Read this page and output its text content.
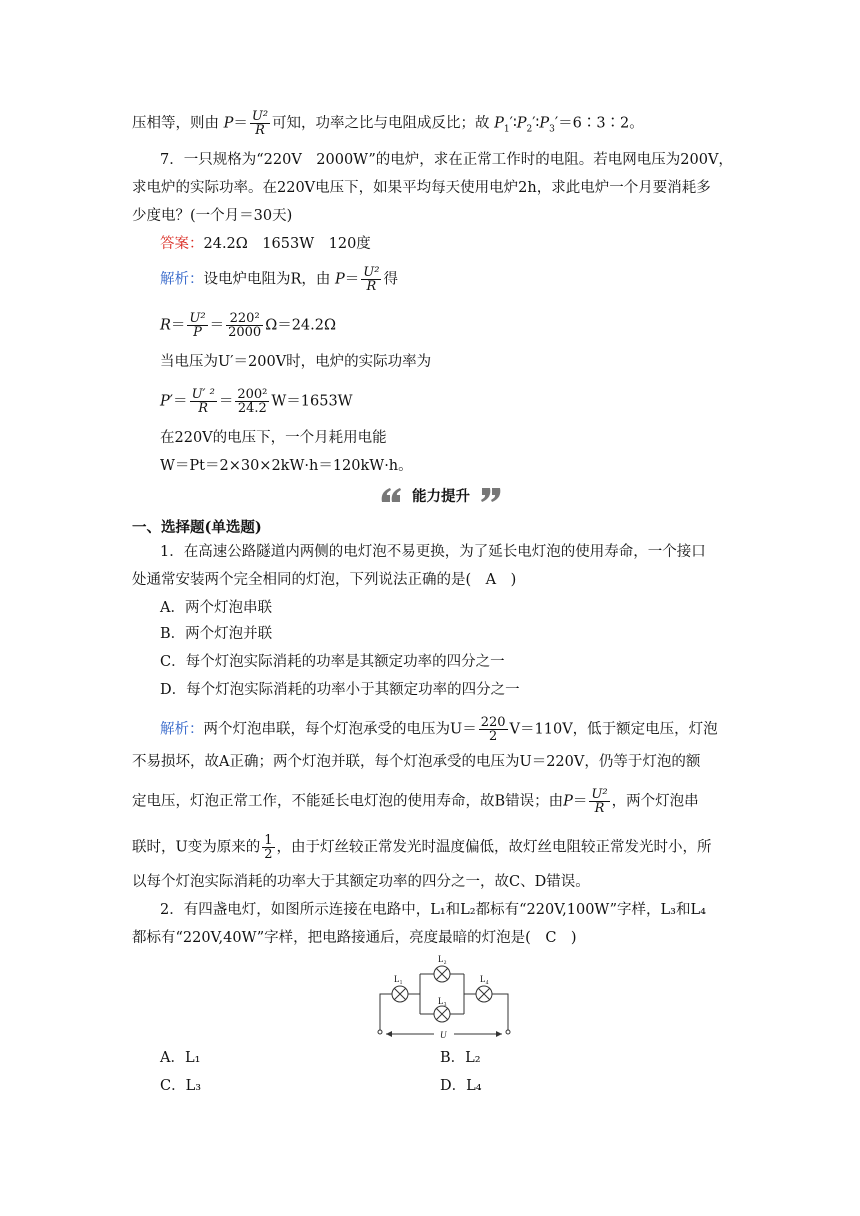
压相等，则由 $P= \frac{\text{U²}}{R}$ 可知，功率之比与电阻成反比；故 $P_1'∶P_2'∶P_3'=6∶3∶2$。
7．一只规格为“220V　2000W”的电炉，求在正常工作时的电阻。若电网电压为200V，
求电炉的实际功率。在220V电压下，如果平均每天使用电炉2h，求此电炉一个月要消耗多
少度电？(一个月＝30天)
答案：24.2Ω　1653W　120度
解析：设电炉电阻为R，由 $P= \frac{\text{U²}}{R}$ 得
$R= \frac{\text{U²}}{P} = \frac{\text{220²}}{2000} \Omega=24.2\Omega$
当电压为U′＝200V时，电炉的实际功率为
$P'= \frac{\text{U′ ²}}{R} = \frac{\text{200²}}{24.2} W=1653W$
在220V的电压下，一个月耗用电能
W＝Pt＝2×30×2kW·h＝120kW·h。
能力提升
一、选择题(单选题)
1．在高速公路隧道内两侧的电灯泡不易更换，为了延长电灯泡的使用寿命，一个接口
处通常安装两个完全相同的灯泡，下列说法正确的是(　A　)
A．两个灯泡串联
B．两个灯泡并联
C．每个灯泡实际消耗的功率是其额定功率的四分之一
D．每个灯泡实际消耗的功率小于其额定功率的四分之一
解析：两个灯泡串联，每个灯泡承受的电压为$U= \frac{220}{2} V=110V$，低于额定电压，灯泡
不易损坏，故A正确；两个灯泡并联，每个灯泡承受的电压为U＝220V，仍等于灯泡的额
定电压，灯泡正常工作，不能延长电灯泡的使用寿命，故B错误；由$P= \frac{\text{U²}}{R}$ ，两个灯泡串
联时，U变为原来的 $\frac{1}{2}$ ，由于灯丝较正常发光时温度偏低，故灯丝电阻较正常发光时小，所
以每个灯泡实际消耗的功率大于其额定功率的四分之一，故C、D错误。
2．有四盏电灯，如图所示连接在电路中，L₁和L₂都标有“220V,100W”字样，L₃和L₄
都标有“220V,40W”字样，把电路接通后，亮度最暗的灯泡是(　C　)
L₁
L₂
L₃
L₄
U
A．L₁	B．L₂
C．L₃	D．L₄
